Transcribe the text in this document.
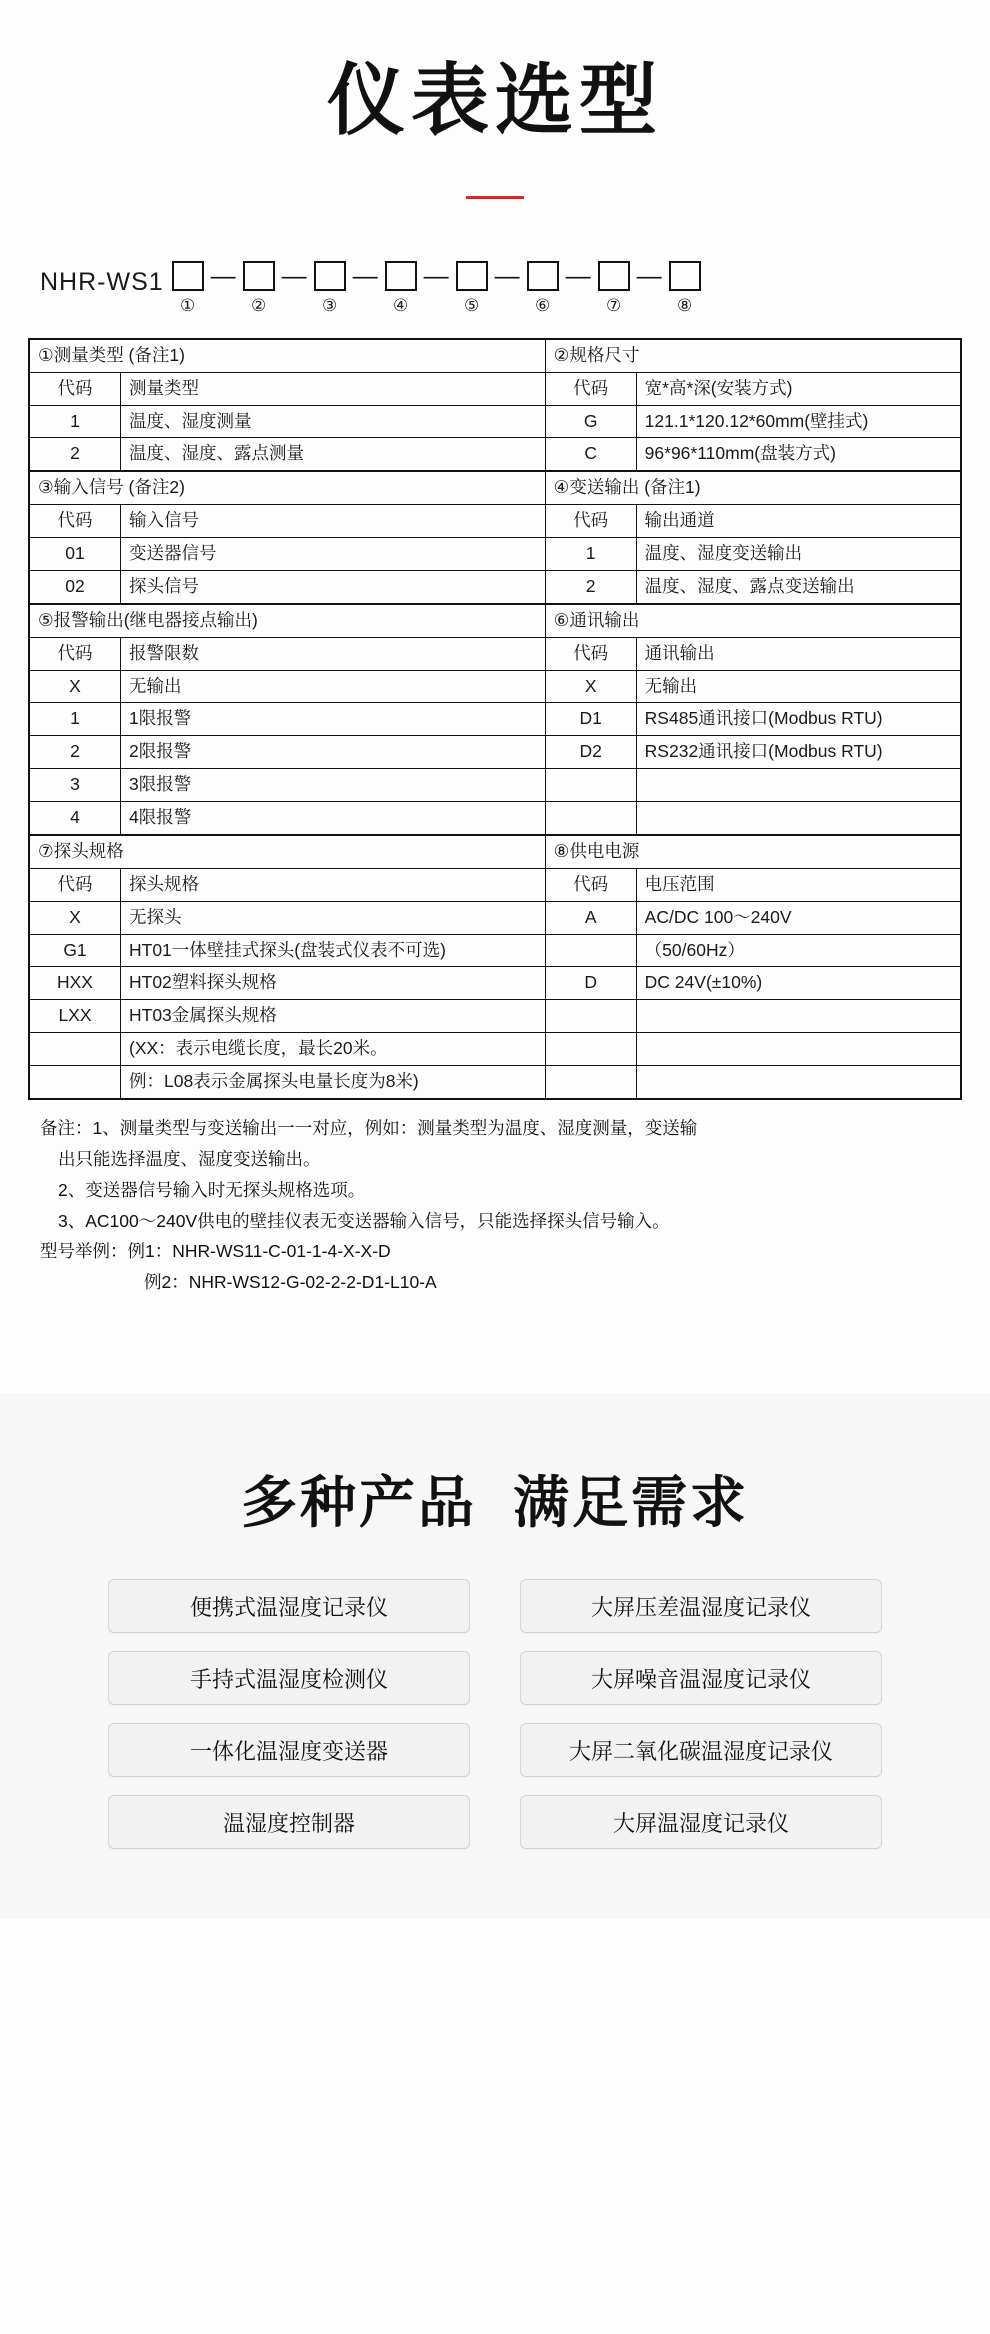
仪表选型
NHR-WS1
①
—
②
—
③
—
④
—
⑤
—
⑥
—
⑦
—
⑧
①测量类型 (备注1)		②规格尺寸	
代码	测量类型	代码	宽*高*深(安装方式)
1	温度、湿度测量	G	121.1*120.12*60mm(壁挂式)
2	温度、湿度、露点测量	C	96*96*110mm(盘装方式)
③输入信号 (备注2)		④变送输出 (备注1)	
代码	输入信号	代码	输出通道
01	变送器信号	1	温度、湿度变送输出
02	探头信号	2	温度、湿度、露点变送输出
⑤报警输出(继电器接点输出)		⑥通讯输出	
代码	报警限数	代码	通讯输出
X	无输出	X	无输出
1	1限报警	D1	RS485通讯接口(Modbus RTU)
2	2限报警	D2	RS232通讯接口(Modbus RTU)
3	3限报警		
4	4限报警		
⑦探头规格		⑧供电电源	
代码	探头规格	代码	电压范围
X	无探头	A	AC/DC 100～240V
G1	HT01一体壁挂式探头(盘装式仪表不可选)		（50/60Hz）
HXX	HT02塑料探头规格	D	DC 24V(±10%)
LXX	HT03金属探头规格		
	(XX：表示电缆长度，最长20米。		
	例：L08表示金属探头电量长度为8米)		

备注：1、测量类型与变送输出一一对应，例如：测量类型为温度、湿度测量，变送输

出只能选择温度、湿度变送输出。

2、变送器信号输入时无探头规格选项。

3、AC100～240V供电的壁挂仪表无变送器输入信号，只能选择探头信号输入。

型号举例：例1：NHR-WS11-C-01-1-4-X-X-D

例2：NHR-WS12-G-02-2-2-D1-L10-A

多种产品 满足需求
便携式温湿度记录仪
手持式温湿度检测仪
一体化温湿度变送器
温湿度控制器
大屏压差温湿度记录仪
大屏噪音温湿度记录仪
大屏二氧化碳温湿度记录仪
大屏温湿度记录仪
